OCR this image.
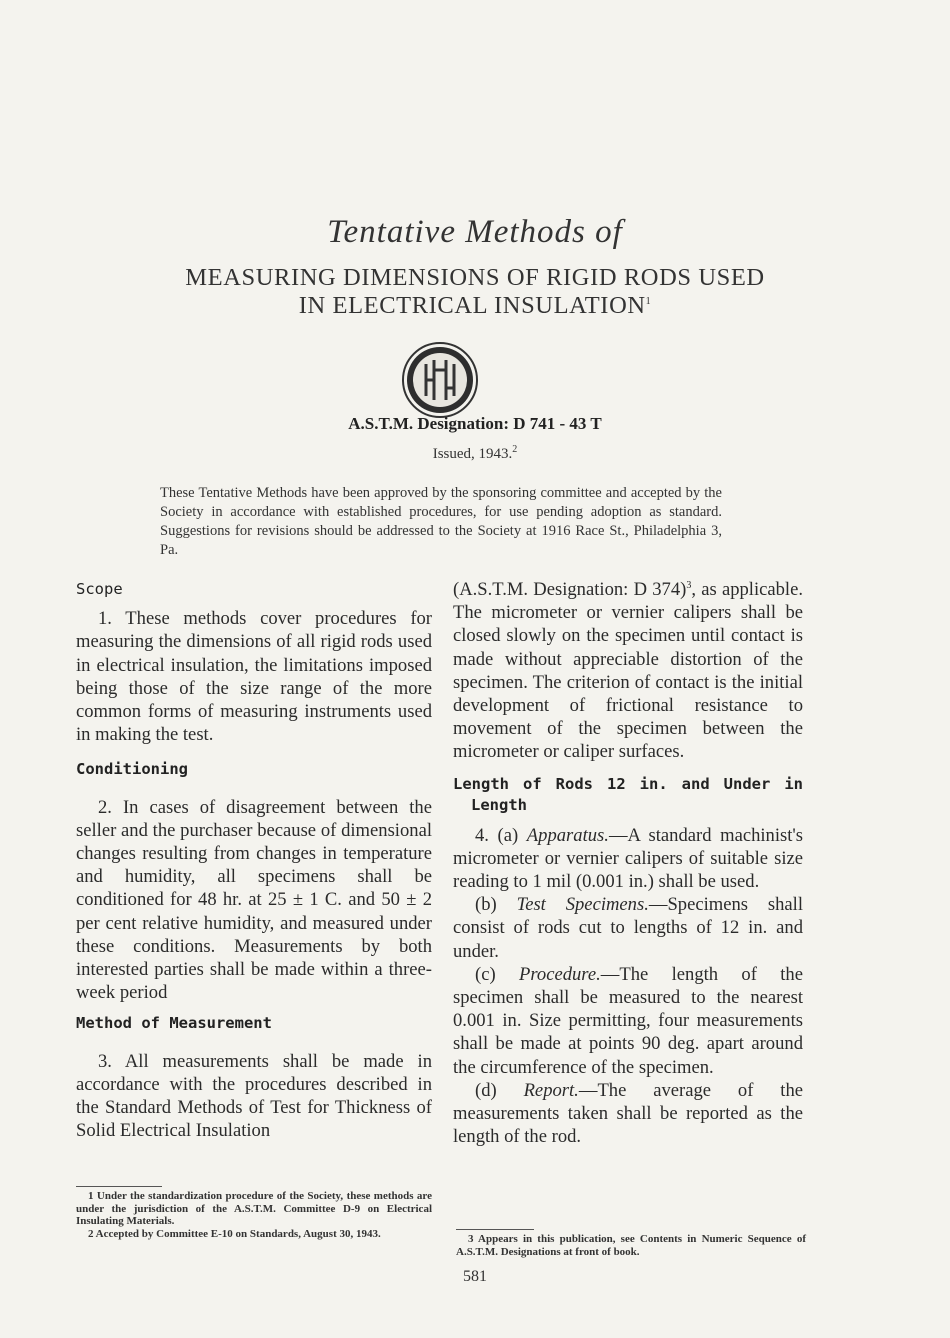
Tentative Methods of
MEASURING DIMENSIONS OF RIGID RODS USED
IN ELECTRICAL INSULATION$^1$
A.S.T.M. Designation: D 741 - 43 T
Issued, 1943.$^2$
These Tentative Methods have been approved by the sponsoring committee and accepted by the Society in accordance with established procedures, for use pending adoption as standard. Suggestions for revisions should be addressed to the Society at 1916 Race St., Philadelphia 3, Pa.
Scope

1. These methods cover procedures for measuring the dimensions of all rigid rods used in electrical insulation, the limitations imposed being those of the size range of the more common forms of measuring instruments used in making the test.

Conditioning

2. In cases of disagreement between the seller and the purchaser because of dimensional changes resulting from changes in temperature and humidity, all specimens shall be conditioned for 48 hr. at 25 ± 1 C. and 50 ± 2 per cent relative humidity, and measured under these conditions. Measurements by both interested parties shall be made within a three-week period

Method of Measurement

3. All measurements shall be made in accordance with the procedures described in the Standard Methods of Test for Thickness of Solid Electrical Insulation

(A.S.T.M. Designation: D 374)$^3$, as applicable. The micrometer or vernier calipers shall be closed slowly on the specimen until contact is made without appreciable distortion of the specimen. The criterion of contact is the initial development of frictional resistance to movement of the specimen between the micrometer or caliper surfaces.

Length of Rods 12 in. and Under in Length

4. (a) Apparatus.—A standard machinist's micrometer or vernier calipers of suitable size reading to 1 mil (0.001 in.) shall be used.

(b) Test Specimens.—Specimens shall consist of rods cut to lengths of 12 in. and under.

(c) Procedure.—The length of the specimen shall be measured to the nearest 0.001 in. Size permitting, four measurements shall be made at points 90 deg. apart around the circumference of the specimen.

(d) Report.—The average of the measurements taken shall be reported as the length of the rod.

1 Under the standardization procedure of the Society, these methods are under the jurisdiction of the A.S.T.M. Committee D-9 on Electrical Insulating Materials.

2 Accepted by Committee E-10 on Standards, August 30, 1943.	3 Appears in this publication, see Contents in Numeric Sequence of A.S.T.M. Designations at front of book.

581
